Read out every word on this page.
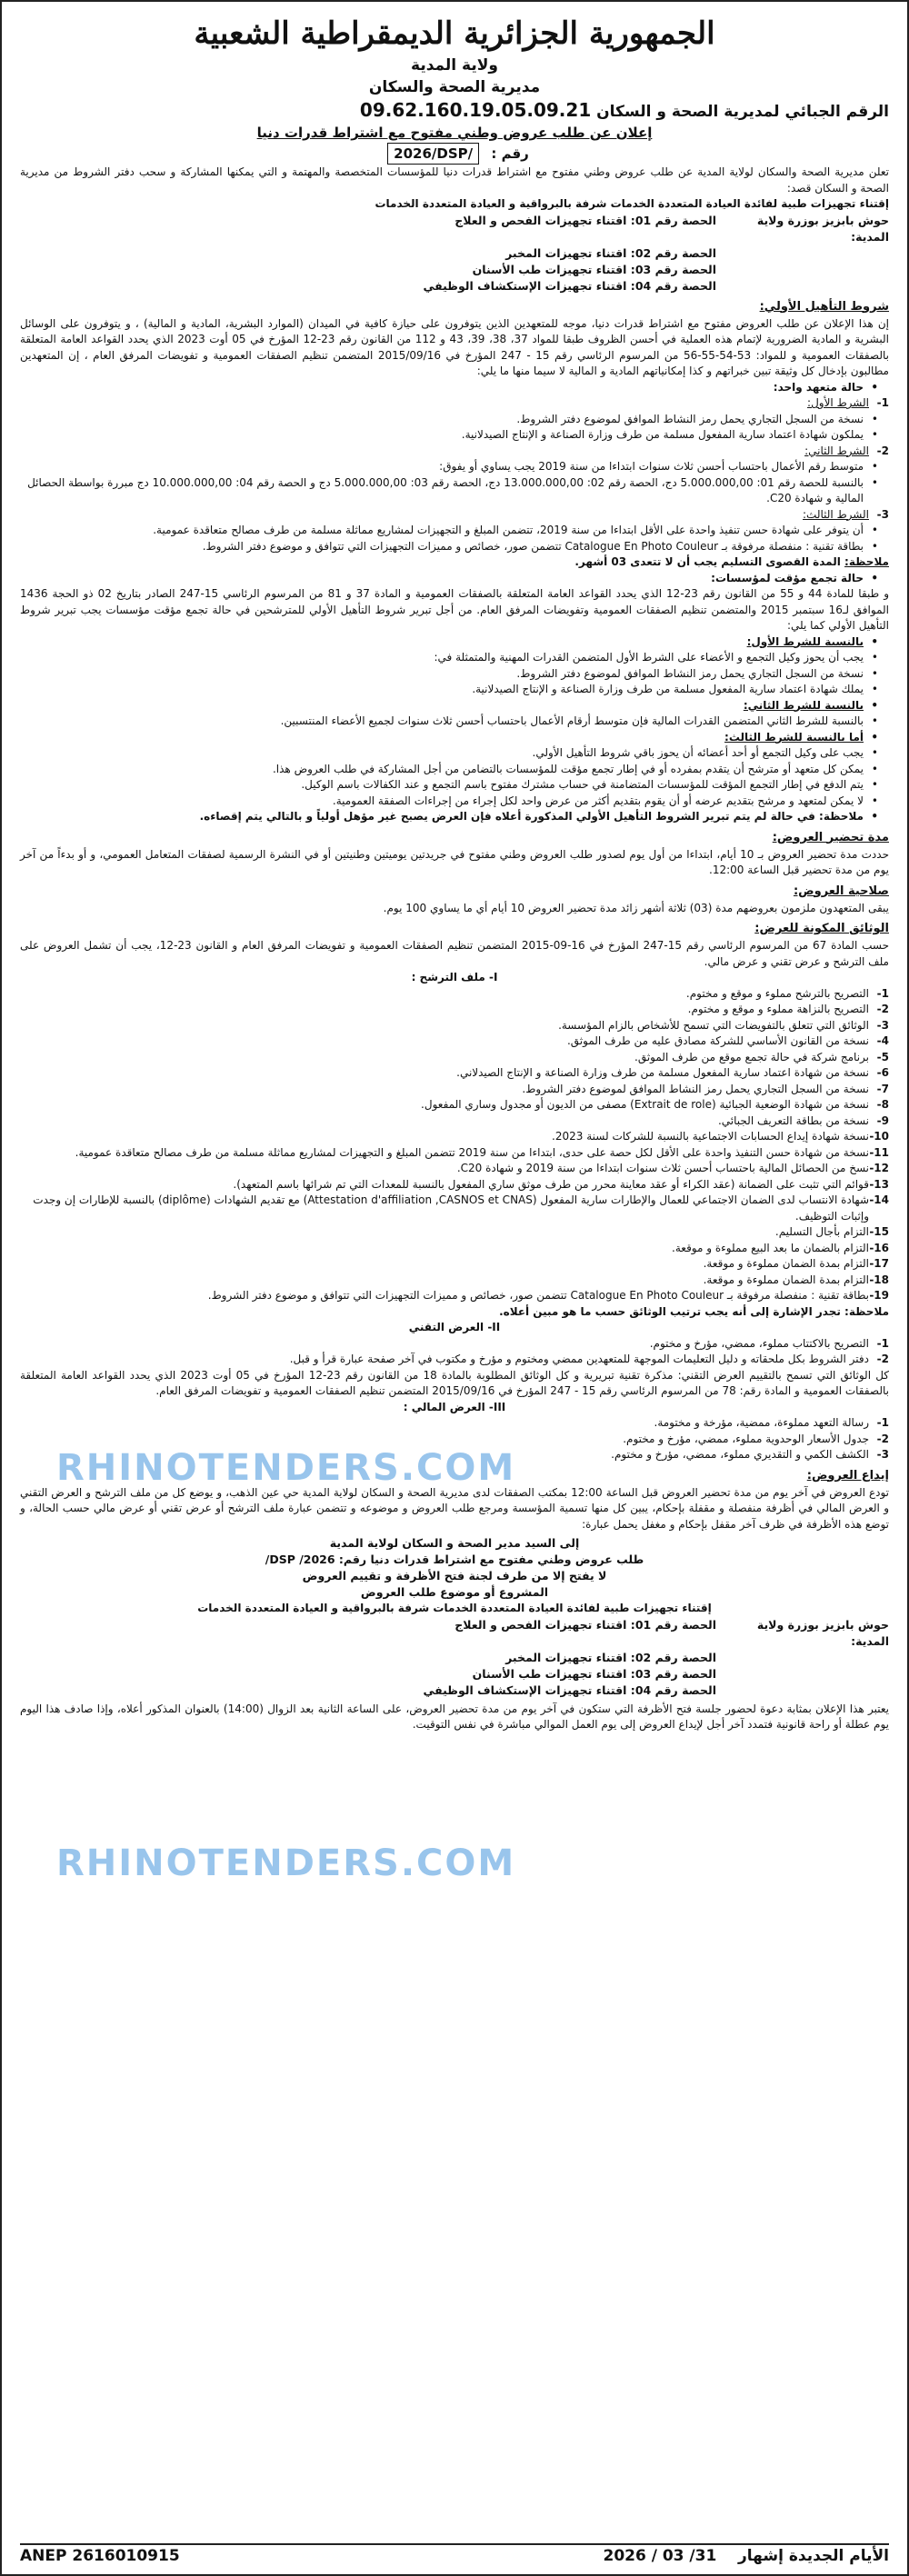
الجمهورية الجزائرية الديمقراطية الشعبية
ولاية المدية
مديرية الصحة والسكان
الرقم الجبائي لمديرية الصحة و السكان 09.62.160.19.05.09.21
إعلان عن طلب عروض وطني مفتوح مع اشتراط قدرات دنيا
رقم : 2026/DSP/

تعلن مديرية الصحة والسكان لولاية المدية عن طلب عروض وطني مفتوح مع اشتراط قدرات دنيا للمؤسسات المتخصصة والمهتمة و التي يمكنها المشاركة و سحب دفتر الشروط من مديرية الصحة و السكان قصد:

إقتناء تجهيزات طبية لفائدة العيادة المتعددة الخدمات شرفة بالبرواقية و العيادة المتعددة الخدمات

حوش بابزيز بوزرة ولاية المدية:
الحصة رقم 01: اقتناء تجهيزات الفحص و العلاج
الحصة رقم 02: اقتناء تجهيزات المخبر
الحصة رقم 03: اقتناء تجهيزات طب الأسنان
الحصة رقم 04: اقتناء تجهيزات الإستكشاف الوظيفي
شروط التأهيل الأولي:

إن هذا الإعلان عن طلب العروض مفتوح مع اشتراط قدرات دنيا، موجه للمتعهدين الذين يتوفرون على حيازة كافية في الميدان (الموارد البشرية، المادية و المالية) ، و يتوفرون على الوسائل البشرية و المادية الضرورية لإتمام هذه العملية في أحسن الظروف طبقا للمواد 37، 38، 39، 43 و 112 من القانون رقم 23-12 المؤرخ في 05 أوت 2023 الذي يحدد القواعد العامة المتعلقة بالصفقات العمومية و للمواد: 53-54-55-56 من المرسوم الرئاسي رقم 15 - 247 المؤرخ في 2015/09/16 المتضمن تنظيم الصفقات العمومية و تفويضات المرفق العام ، إن المتعهدين مطالبون بإدخال كل وثيقة تبين خبراتهم و كذا إمكانياتهم المادية و المالية لا سيما منها ما يلي:

• حالة متعهد واحد:
1-
الشرط الأول:
• نسخة من السجل التجاري يحمل رمز النشاط الموافق لموضوع دفتر الشروط.
• يملكون شهادة اعتماد سارية المفعول مسلمة من طرف وزارة الصناعة و الإنتاج الصيدلانية.
2-
الشرط الثاني:
• متوسط رقم الأعمال باحتساب أحسن ثلاث سنوات ابتداءا من سنة 2019 يجب يساوي أو يفوق:
• بالنسبة للحصة رقم 01: 5.000.000,00 دج، الحصة رقم 02: 13.000.000,00 دج، الحصة رقم 03: 5.000.000,00 دج و الحصة رقم 04: 10.000.000,00 دج مبررة بواسطة الحصائل المالية و شهادة C20.
3-
الشرط الثالث:
• أن يتوفر على شهادة حسن تنفيذ واحدة على الأقل ابتداءا من سنة 2019، تتضمن المبلغ و التجهيزات لمشاريع مماثلة مسلمة من طرف مصالح متعاقدة عمومية.
• بطاقة تقنية : منفصلة مرفوقة بـ Catalogue En Photo Couleur تتضمن صور، خصائص و مميزات التجهيزات التي تتوافق و موضوع دفتر الشروط.
ملاحظة: المدة القصوى التسليم يجب أن لا تتعدى 03 أشهر.
• حالة تجمع مؤقت لمؤسسات:

و طبقا للمادة 44 و 55 من القانون رقم 23-12 الذي يحدد القواعد العامة المتعلقة بالصفقات العمومية و المادة 37 و 81 من المرسوم الرئاسي 15-247 الصادر بتاريخ 02 ذو الحجة 1436 الموافق لـ16 سبتمبر 2015 والمتضمن تنظيم الصفقات العمومية وتفويضات المرفق العام. من أجل تبرير شروط التأهيل الأولي للمترشحين في حالة تجمع مؤقت مؤسسات يجب تبرير شروط التأهيل الأولي كما يلي:

• بالنسبة للشرط الأول:
• يجب أن يحوز وكيل التجمع و الأعضاء على الشرط الأول المتضمن القدرات المهنية والمتمثلة في:
• نسخة من السجل التجاري يحمل رمز النشاط الموافق لموضوع دفتر الشروط.
• يملك شهادة اعتماد سارية المفعول مسلمة من طرف وزارة الصناعة و الإنتاج الصيدلانية.
• بالنسبة للشرط الثاني:
• بالنسبة للشرط الثاني المتضمن القدرات المالية فإن متوسط أرقام الأعمال باحتساب أحسن ثلاث سنوات لجميع الأعضاء المنتسبين.
• أما بالنسبة للشرط الثالث:
• يجب على وكيل التجمع أو أحد أعضائه أن يحوز باقي شروط التأهيل الأولي.
• يمكن كل متعهد أو مترشح أن يتقدم بمفرده أو في إطار تجمع مؤقت للمؤسسات بالتضامن من أجل المشاركة في طلب العروض هذا.
• يتم الدفع في إطار التجمع المؤقت للمؤسسات المتضامنة في حساب مشترك مفتوح باسم التجمع و عند الكفالات باسم الوكيل.
• لا يمكن لمتعهد و مرشح بتقديم عرضه أو أن يقوم بتقديم أكثر من عرض واحد لكل إجراء من إجراءات الصفقة العمومية.
• ملاحظة: في حالة لم يتم تبرير الشروط التأهيل الأولي المذكورة أعلاه فإن العرض يصبح غير مؤهل أولياً و بالتالي يتم إقصاءه.
مدة تحضير العروض:

حددت مدة تحضير العروض بـ 10 أيام، ابتداءا من أول يوم لصدور طلب العروض وطني مفتوح في جريدتين يوميتين وطنيتين أو في النشرة الرسمية لصفقات المتعامل العمومي، و أو بدءاً من آخر يوم من مدة تحضير قبل الساعة 12:00.

صلاحية العروض:

يبقى المتعهدون ملزمون بعروضهم مدة (03) ثلاثة أشهر زائد مدة تحضير العروض 10 أيام أي ما يساوي 100 يوم.

الوثائق المكونة للعرض:

حسب المادة 67 من المرسوم الرئاسي رقم 15-247 المؤرخ في 16-09-2015 المتضمن تنظيم الصفقات العمومية و تفويضات المرفق العام و القانون 23-12، يجب أن تشمل العروض على ملف الترشح و عرض تقني و عرض مالي.

I- ملف الترشح :
1-
التصريح بالترشح مملوء و موقع و مختوم.
2-
التصريح بالنزاهة مملوء و موقع و مختوم.
3-
الوثائق التي تتعلق بالتفويضات التي تسمح للأشخاص بالزام المؤسسة.
4-
نسخة من القانون الأساسي للشركة مصادق عليه من طرف الموثق.
5-
برنامج شركة في حالة تجمع موقع من طرف الموثق.
6-
نسخة من شهادة اعتماد سارية المفعول مسلمة من طرف وزارة الصناعة و الإنتاج الصيدلاني.
7-
نسخة من السجل التجاري يحمل رمز النشاط الموافق لموضوع دفتر الشروط.
8-
نسخة من شهادة الوضعية الجبائية (Extrait de role) مصفى من الديون أو مجدول وساري المفعول.
9-
نسخة من بطاقة التعريف الجبائي.
10-
نسخة شهادة إيداع الحسابات الاجتماعية بالنسبة للشركات لسنة 2023.
11-
نسخة من شهادة حسن التنفيذ واحدة على الأقل لكل حصة على حدى، ابتداءا من سنة 2019 تتضمن المبلغ و التجهيزات لمشاريع مماثلة مسلمة من طرف مصالح متعاقدة عمومية.
12-
نسخ من الحصائل المالية باحتساب أحسن ثلاث سنوات ابتداءا من سنة 2019 و شهادة C20.
13-
قوائم التي تثبت على الضمانة (عقد الكراء أو عقد معاينة محرر من طرف موثق ساري المفعول بالنسبة للمعدات التي تم شرائها باسم المتعهد).
14-
شهادة الانتساب لدى الضمان الاجتماعي للعمال والإطارات سارية المفعول (Attestation d'affiliation ,CASNOS et CNAS) مع تقديم الشهادات (diplôme) بالنسبة للإطارات إن وجدت وإثبات التوظيف.
15-
التزام بأجال التسليم.
16-
التزام بالضمان ما بعد البيع مملوءة و موقعة.
17-
التزام بمدة الضمان مملوءة و موقعة.
18-
التزام بمدة الضمان مملوءة و موقعة.
19-
بطاقة تقنية : منفصلة مرفوقة بـ Catalogue En Photo Couleur تتضمن صور، خصائص و مميزات التجهيزات التي تتوافق و موضوع دفتر الشروط.
ملاحظة: تجدر الإشارة إلى أنه يجب ترتيب الوثائق حسب ما هو مبين أعلاه.
II- العرض التقني
1-
التصريح بالاكتتاب مملوء، ممضي، مؤرخ و مختوم.
2-
دفتر الشروط بكل ملحقاته و دليل التعليمات الموجهة للمتعهدين ممضي ومختوم و مؤرخ و مكتوب في آخر صفحة عبارة قرأ و قبل.

كل الوثائق التي تسمح بالتقييم العرض التقني: مذكرة تقنية تبريرية و كل الوثائق المطلوبة بالمادة 18 من القانون رقم 23-12 المؤرخ في 05 أوت 2023 الذي يحدد القواعد العامة المتعلقة بالصفقات العمومية و المادة رقم: 78 من المرسوم الرئاسي رقم 15 - 247 المؤرخ في 2015/09/16 المتضمن تنظيم الصفقات العمومية و تفويضات المرفق العام.

III- العرض المالي :
1-
رسالة التعهد مملوءة، ممضية، مؤرخة و مختومة.
2-
جدول الأسعار الوحدوية مملوء، ممضي، مؤرخ و مختوم.
3-
الكشف الكمي و التقديري مملوء، ممضي، مؤرخ و مختوم.
إيداع العروض:

تودع العروض في آخر يوم من مدة تحضير العروض قبل الساعة 12:00 بمكتب الصفقات لدى مديرية الصحة و السكان لولاية المدية حي عين الذهب، و يوضع كل من ملف الترشح و العرض التقني و العرض المالي في أظرفة منفصلة و مقفلة بإحكام، يبين كل منها تسمية المؤسسة ومرجع طلب العروض و موضوعه و تتضمن عبارة ملف الترشح أو عرض تقني أو عرض مالي حسب الحالة، و توضع هذه الأظرفة في ظرف آخر مقفل بإحكام و مغفل يحمل عبارة:

إلى السيد مدير الصحة و السكان لولاية المدية
طلب عروض وطني مفتوح مع اشتراط قدرات دنيا رقم: 2026/ DSP/
لا يفتح إلا من طرف لجنة فتح الأظرفة و تقييم العروض
المشروع أو موضوع طلب العروض

إقتناء تجهيزات طبية لفائدة العيادة المتعددة الخدمات شرفة بالبرواقية و العيادة المتعددة الخدمات

حوش بابزيز بوزرة ولاية المدية:
الحصة رقم 01: اقتناء تجهيزات الفحص و العلاج
الحصة رقم 02: اقتناء تجهيزات المخبر
الحصة رقم 03: اقتناء تجهيزات طب الأسنان
الحصة رقم 04: اقتناء تجهيزات الإستكشاف الوظيفي

يعتبر هذا الإعلان بمثابة دعوة لحضور جلسة فتح الأظرفة التي ستكون في آخر يوم من مدة تحضير العروض، على الساعة الثانية بعد الزوال (14:00) بالعنوان المذكور أعلاه، وإذا صادف هذا اليوم يوم عطلة أو راحة قانونية فتمدد آخر أجل لإيداع العروض إلى يوم العمل الموالي مباشرة في نفس التوقيت.

RHINOTENDERS.COM
RHINOTENDERS.COM
ANEP 2616010915	الأيام الجديدة إشهار    2026 / 03 /31
